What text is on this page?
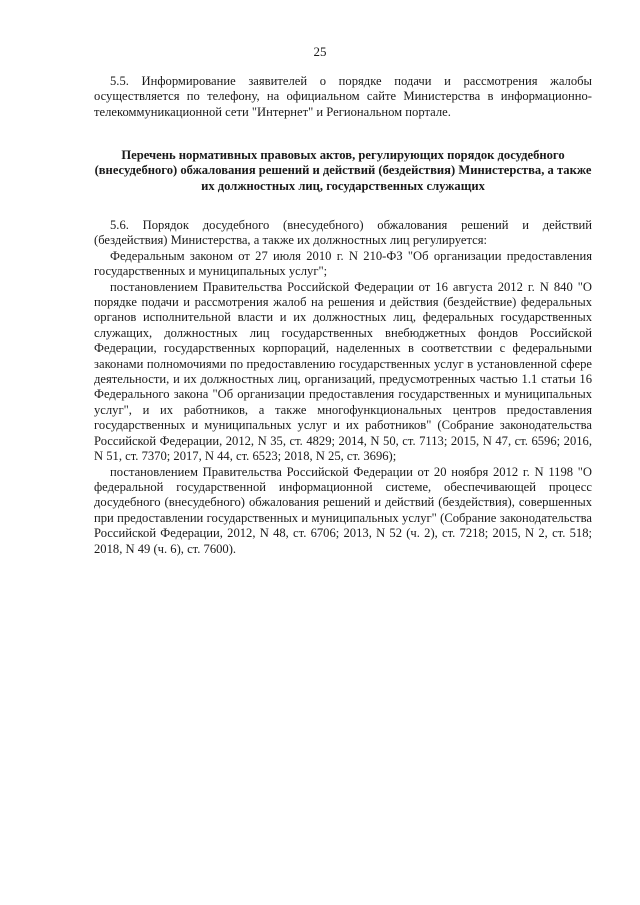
25

5.5. Информирование заявителей о порядке подачи и рассмотрения жалобы осуществляется по телефону, на официальном сайте Министерства в информационно-телекоммуникационной сети "Интернет" и Региональном портале.

Перечень нормативных правовых актов, регулирующих порядок досудебного (внесудебного) обжалования решений и действий (бездействия) Министерства, а также их должностных лиц, государственных служащих

5.6. Порядок досудебного (внесудебного) обжалования решений и действий (бездействия) Министерства, а также их должностных лиц регулируется:

Федеральным законом от 27 июля 2010 г. N 210-ФЗ "Об организации предоставления государственных и муниципальных услуг";

постановлением Правительства Российской Федерации от 16 августа 2012 г. N 840 "О порядке подачи и рассмотрения жалоб на решения и действия (бездействие) федеральных органов исполнительной власти и их должностных лиц, федеральных государственных служащих, должностных лиц государственных внебюджетных фондов Российской Федерации, государственных корпораций, наделенных в соответствии с федеральными законами полномочиями по предоставлению государственных услуг в установленной сфере деятельности, и их должностных лиц, организаций, предусмотренных частью 1.1 статьи 16 Федерального закона "Об организации предоставления государственных и муниципальных услуг", и их работников, а также многофункциональных центров предоставления государственных и муниципальных услуг и их работников" (Собрание законодательства Российской Федерации, 2012, N 35, ст. 4829; 2014, N 50, ст. 7113; 2015, N 47, ст. 6596; 2016, N 51, ст. 7370; 2017, N 44, ст. 6523; 2018, N 25, ст. 3696);

постановлением Правительства Российской Федерации от 20 ноября 2012 г. N 1198 "О федеральной государственной информационной системе, обеспечивающей процесс досудебного (внесудебного) обжалования решений и действий (бездействия), совершенных при предоставлении государственных и муниципальных услуг" (Собрание законодательства Российской Федерации, 2012, N 48, ст. 6706; 2013, N 52 (ч. 2), ст. 7218; 2015, N 2, ст. 518; 2018, N 49 (ч. 6), ст. 7600).
